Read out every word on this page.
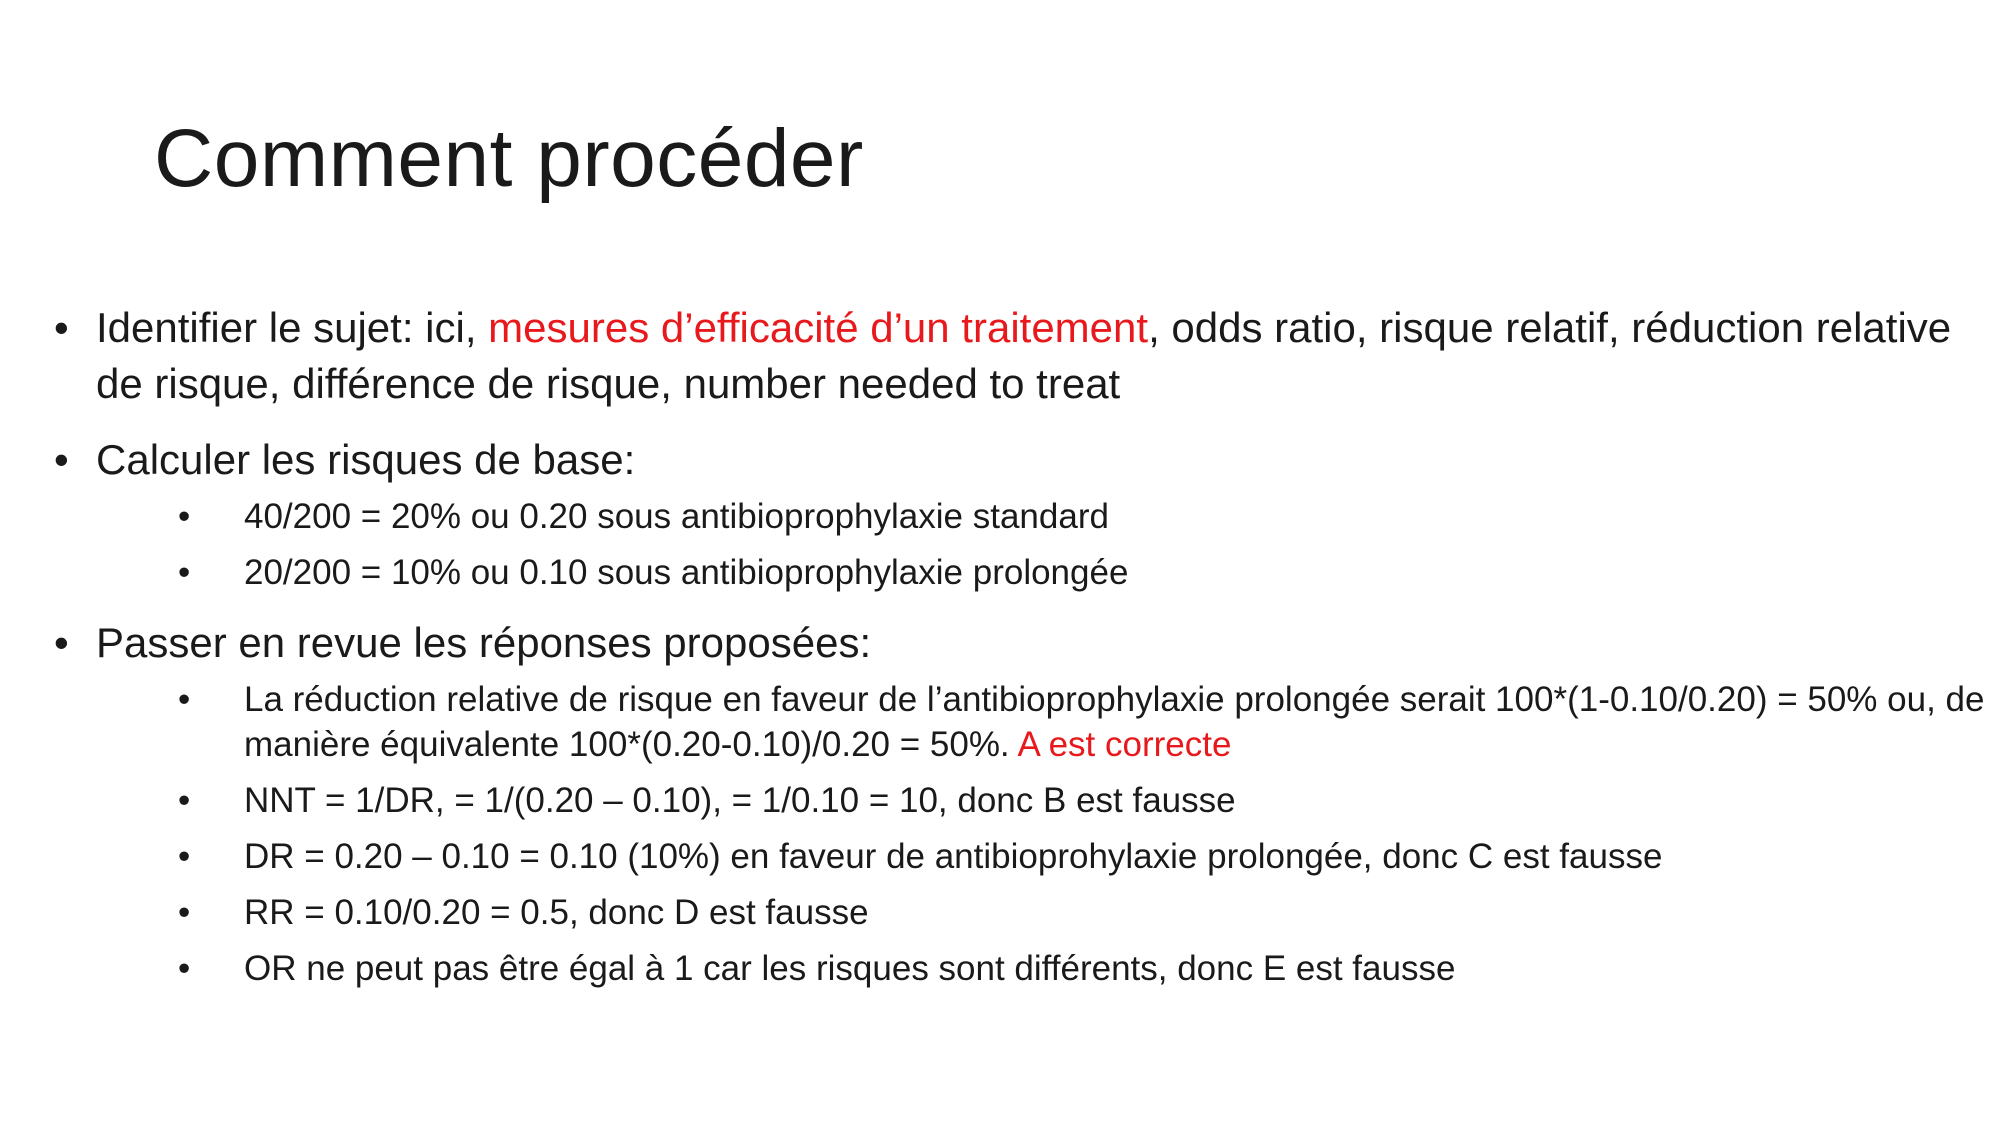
Comment procéder
• Identifier le sujet: ici, mesures d’efficacité d’un traitement, odds ratio, risque relatif, réduction relative de risque, différence de risque, number needed to treat
• Calculer les risques de base:
•	40/200 = 20% ou 0.20 sous antibioprophylaxie standard
•	20/200 = 10% ou 0.10 sous antibioprophylaxie prolongée
• Passer en revue les réponses proposées:
•	La réduction relative de risque en faveur de l’antibioprophylaxie prolongée serait 100*(1-0.10/0.20) = 50% ou, de manière équivalente 100*(0.20-0.10)/0.20 = 50%. A est correcte
•	NNT = 1/DR, = 1/(0.20 – 0.10), = 1/0.10 = 10, donc B est fausse
•	DR = 0.20 – 0.10 = 0.10 (10%) en faveur de antibioprohylaxie prolongée, donc C est fausse
•	RR = 0.10/0.20 = 0.5, donc D est fausse
•	OR ne peut pas être égal à 1 car les risques sont différents, donc E est fausse
